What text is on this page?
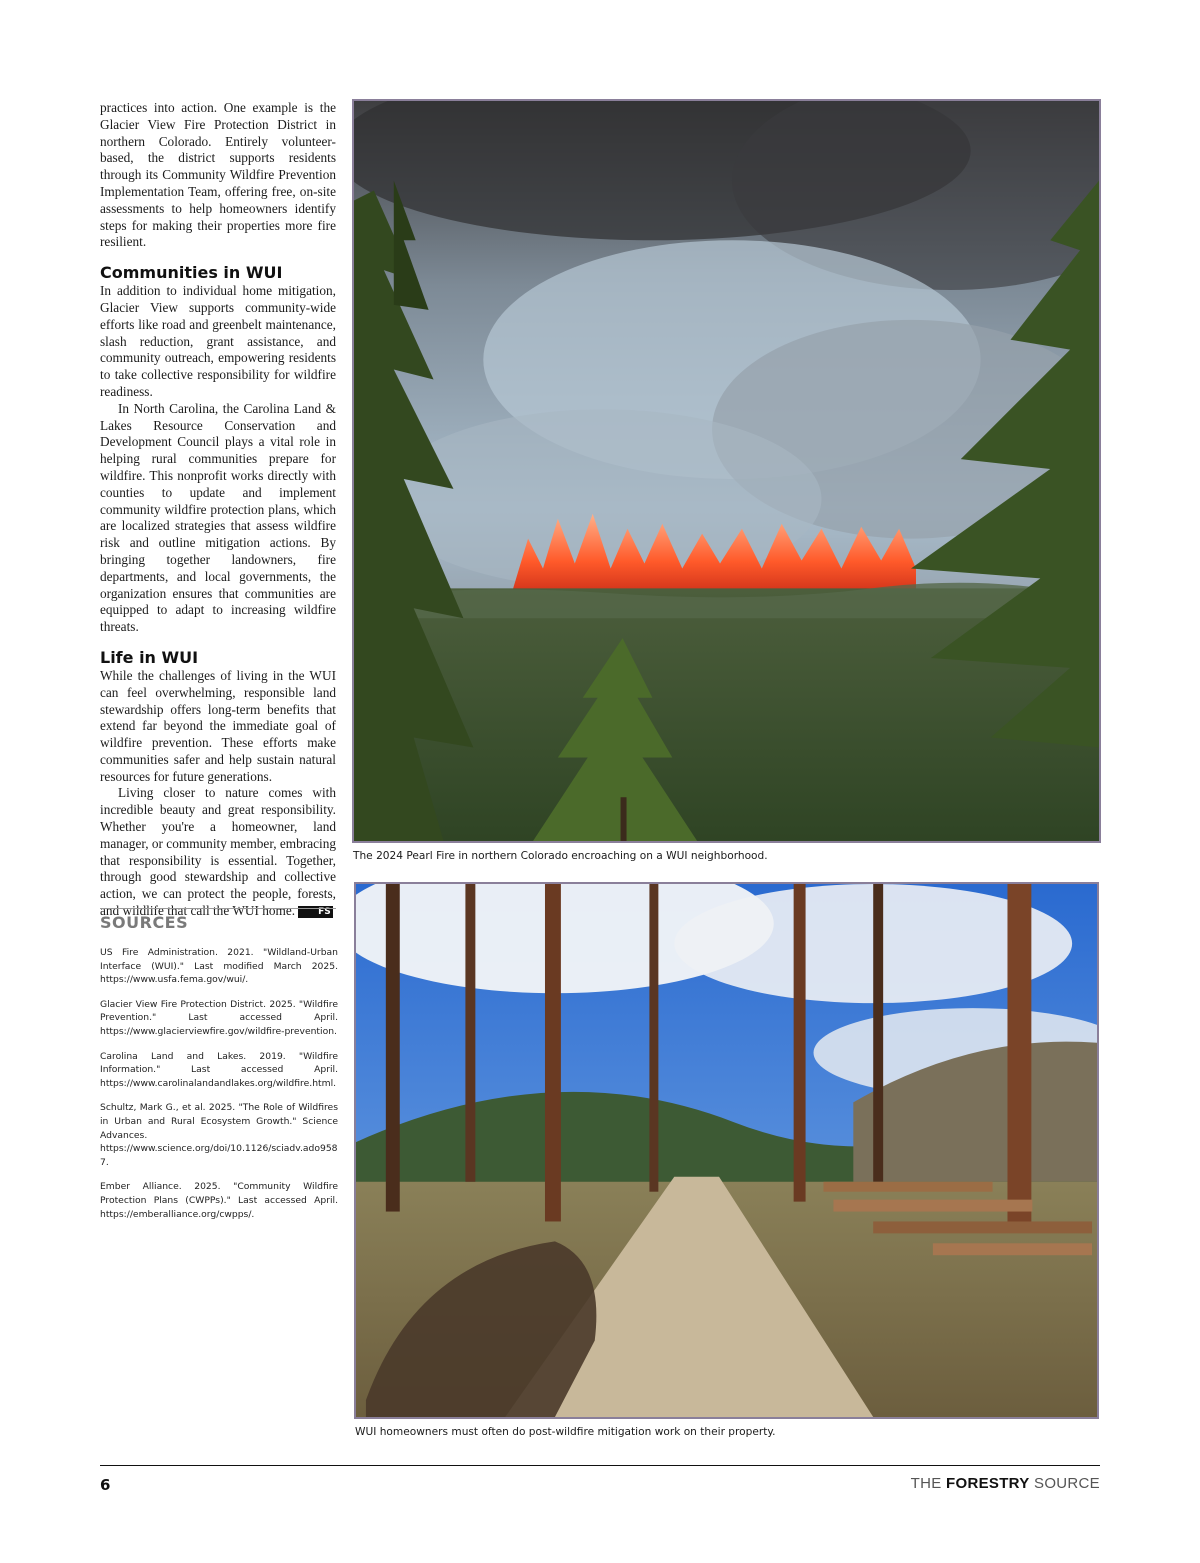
practices into action. One example is the Glacier View Fire Protection District in northern Colorado. Entirely volunteer-based, the district supports residents through its Community Wildfire Prevention Implementation Team, offering free, on-site assessments to help homeowners identify steps for making their properties more fire resilient.

Communities in WUI

In addition to individual home mitigation, Glacier View supports community-wide efforts like road and greenbelt maintenance, slash reduction, grant assistance, and community outreach, empowering residents to take collective responsibility for wildfire readiness.

In North Carolina, the Carolina Land & Lakes Resource Conservation and Development Council plays a vital role in helping rural communities prepare for wildfire. This nonprofit works directly with counties to update and implement community wildfire protection plans, which are localized strategies that assess wildfire risk and outline mitigation actions. By bringing together landowners, fire departments, and local governments, the organization ensures that communities are equipped to adapt to increasing wildfire threats.

Life in WUI

While the challenges of living in the WUI can feel overwhelming, responsible land stewardship offers long-term benefits that extend far beyond the immediate goal of wildfire prevention. These efforts make communities safer and help sustain natural resources for future generations.

Living closer to nature comes with incredible beauty and great responsibility. Whether you're a homeowner, land manager, or community member, embracing that responsibility is essential. Together, through good stewardship and collective action, we can protect the people, forests, and wildlife that call the WUI home.	FS

SOURCES

US Fire Administration. 2021. "Wildland-Urban Interface (WUI)." Last modified March 2025. https://www.usfa.fema.gov/wui/.

Glacier View Fire Protection District. 2025. "Wildfire Prevention." Last accessed April. https://www.glacierviewfire.gov/wildfire-prevention.

Carolina Land and Lakes. 2019. "Wildfire Information." Last accessed April. https://www.carolinalandandlakes.org/wildfire.html.

Schultz, Mark G., et al. 2025. "The Role of Wildfires in Urban and Rural Ecosystem Growth." Science Advances. https://www.science.org/doi/10.1126/sciadv.ado9587.

Ember Alliance. 2025. "Community Wildfire Protection Plans (CWPPs)." Last accessed April. https://emberalliance.org/cwpps/.

The 2024 Pearl Fire in northern Colorado encroaching on a WUI neighborhood.
WUI homeowners must often do post-wildfire mitigation work on their property.
6	THE FORESTRY SOURCE
